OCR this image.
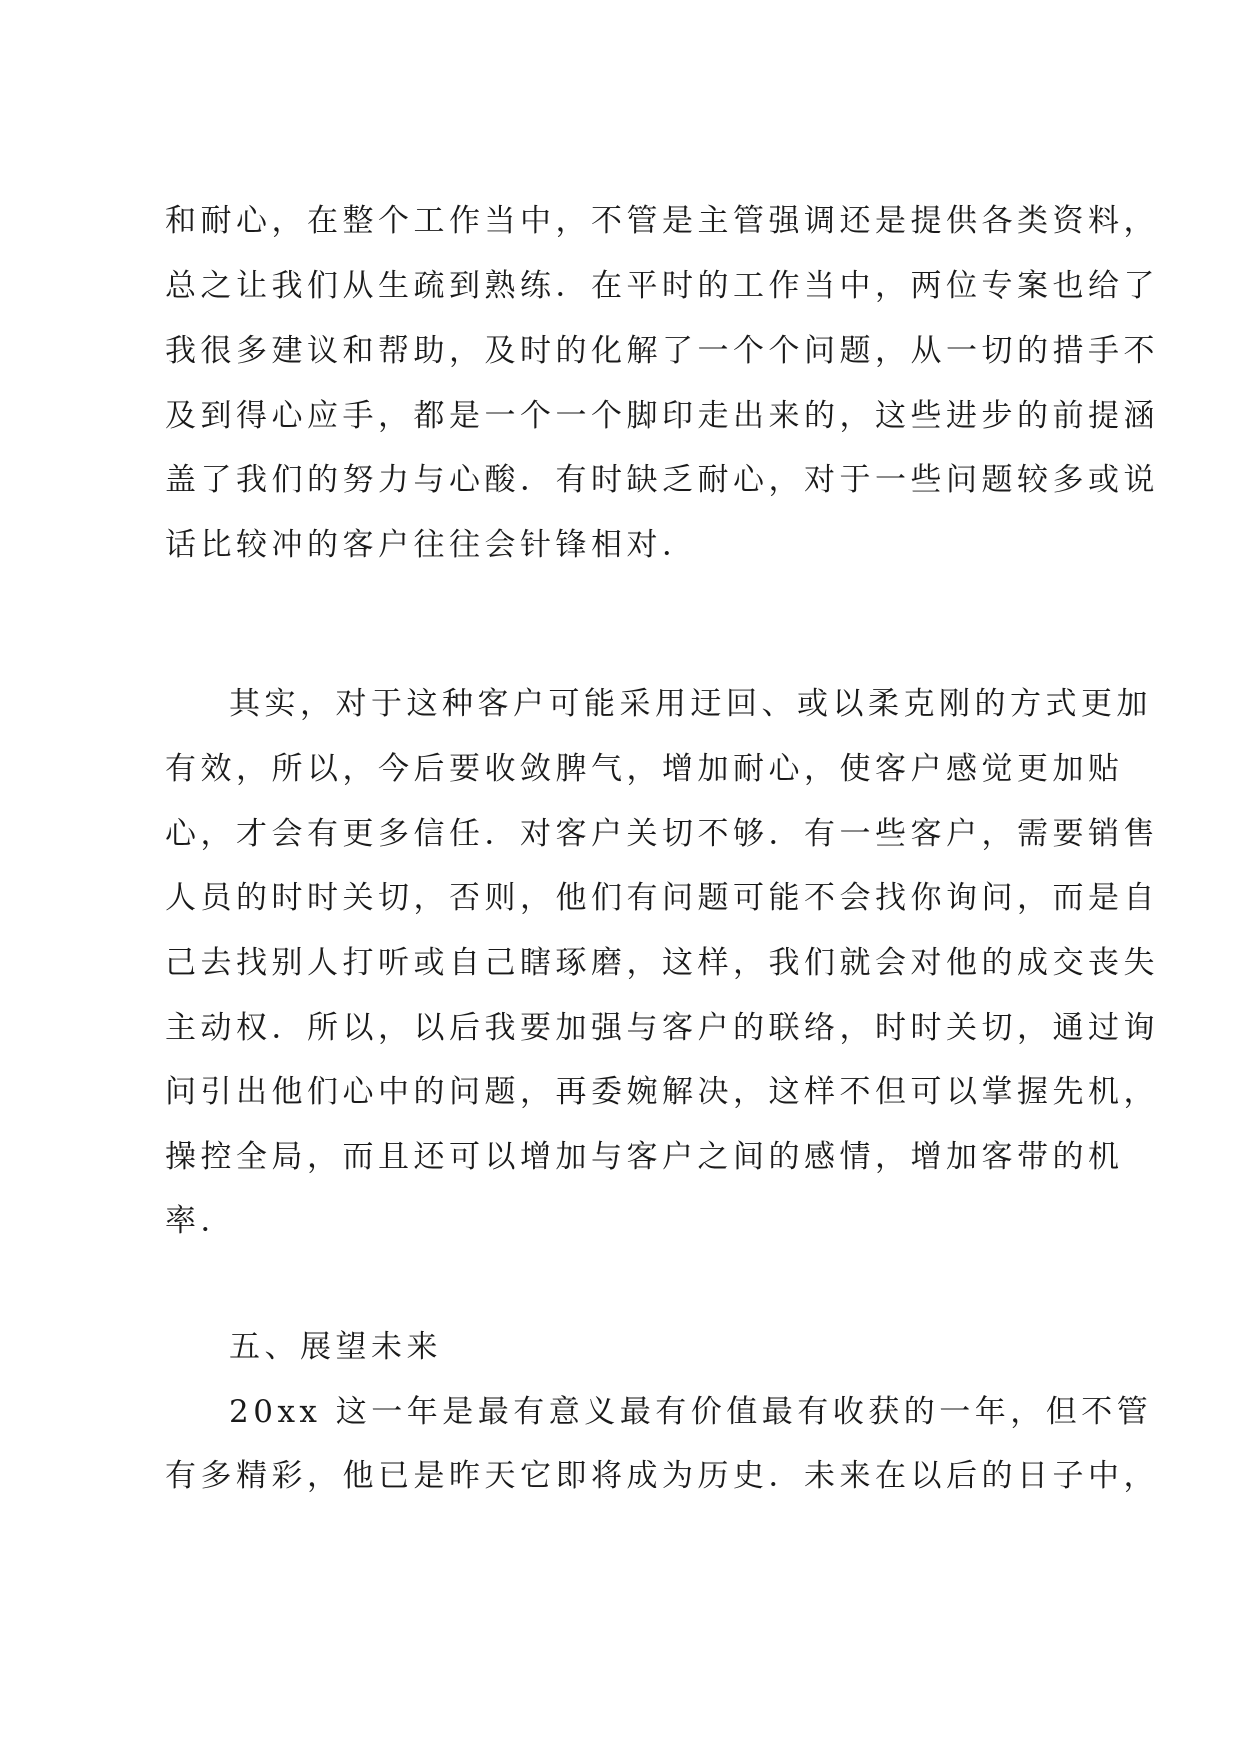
和耐心，在整个工作当中，不管是主管强调还是提供各类资料，
总之让我们从生疏到熟练．在平时的工作当中，两位专案也给了
我很多建议和帮助，及时的化解了一个个问题，从一切的措手不
及到得心应手，都是一个一个脚印走出来的，这些进步的前提涵
盖了我们的努力与心酸．有时缺乏耐心，对于一些问题较多或说
话比较冲的客户往往会针锋相对．
其实，对于这种客户可能采用迂回、或以柔克刚的方式更加
有效，所以，今后要收敛脾气，增加耐心，使客户感觉更加贴
心，才会有更多信任．对客户关切不够．有一些客户，需要销售
人员的时时关切，否则，他们有问题可能不会找你询问，而是自
己去找别人打听或自己瞎琢磨，这样，我们就会对他的成交丧失
主动权．所以，以后我要加强与客户的联络，时时关切，通过询
问引出他们心中的问题，再委婉解决，这样不但可以掌握先机，
操控全局，而且还可以增加与客户之间的感情，增加客带的机
率．
五、展望未来
20xx 这一年是最有意义最有价值最有收获的一年，但不管
有多精彩，他已是昨天它即将成为历史．未来在以后的日子中，
